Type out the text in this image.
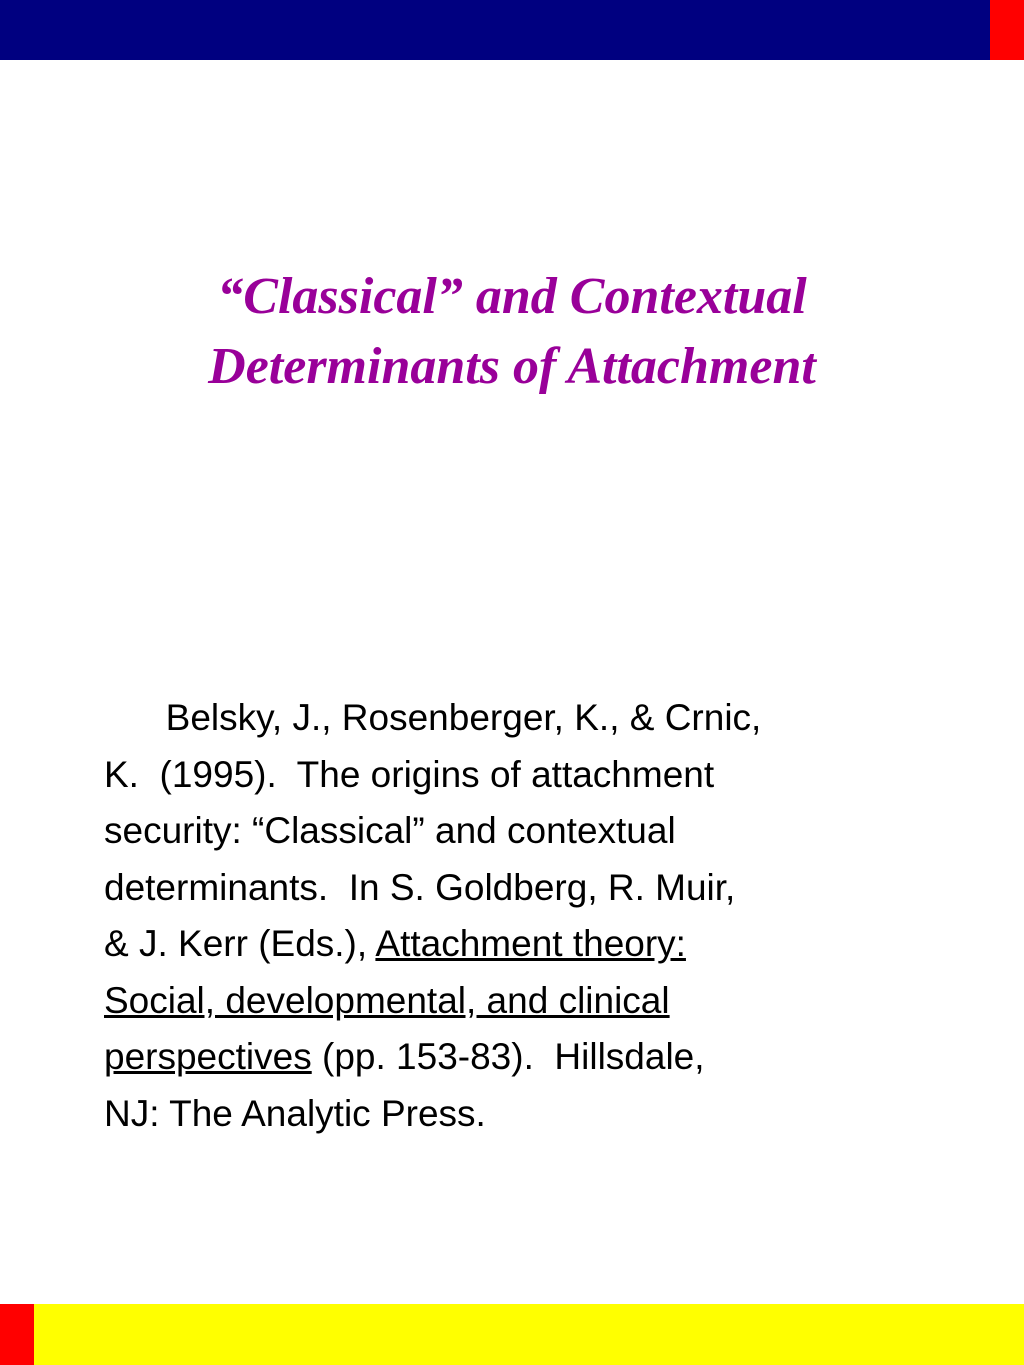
“Classical” and Contextual
Determinants of Attachment

Belsky, J., Rosenberger, K., & Crnic,
K.  (1995).  The origins of attachment
security: “Classical” and contextual
determinants.  In S. Goldberg, R. Muir,
& J. Kerr (Eds.), Attachment theory:
Social, developmental, and clinical
perspectives (pp. 153-83).  Hillsdale,
NJ: The Analytic Press.
